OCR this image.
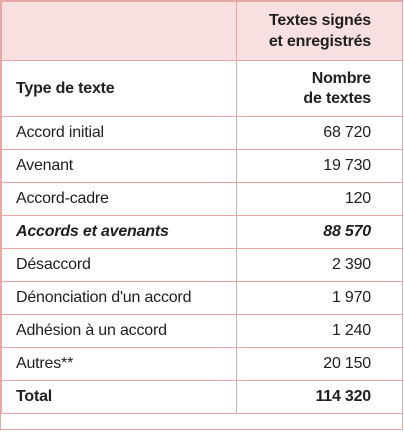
	Textes signés
et enregistrés

Type de texte	Nombre
de textes

Accord initial	68 720
Avenant	19 730
Accord-cadre	120
Accords et avenants	88 570
Désaccord	2 390
Dénonciation d'un accord	1 970
Adhésion à un accord	1 240
Autres**	20 150
Total	114 320
